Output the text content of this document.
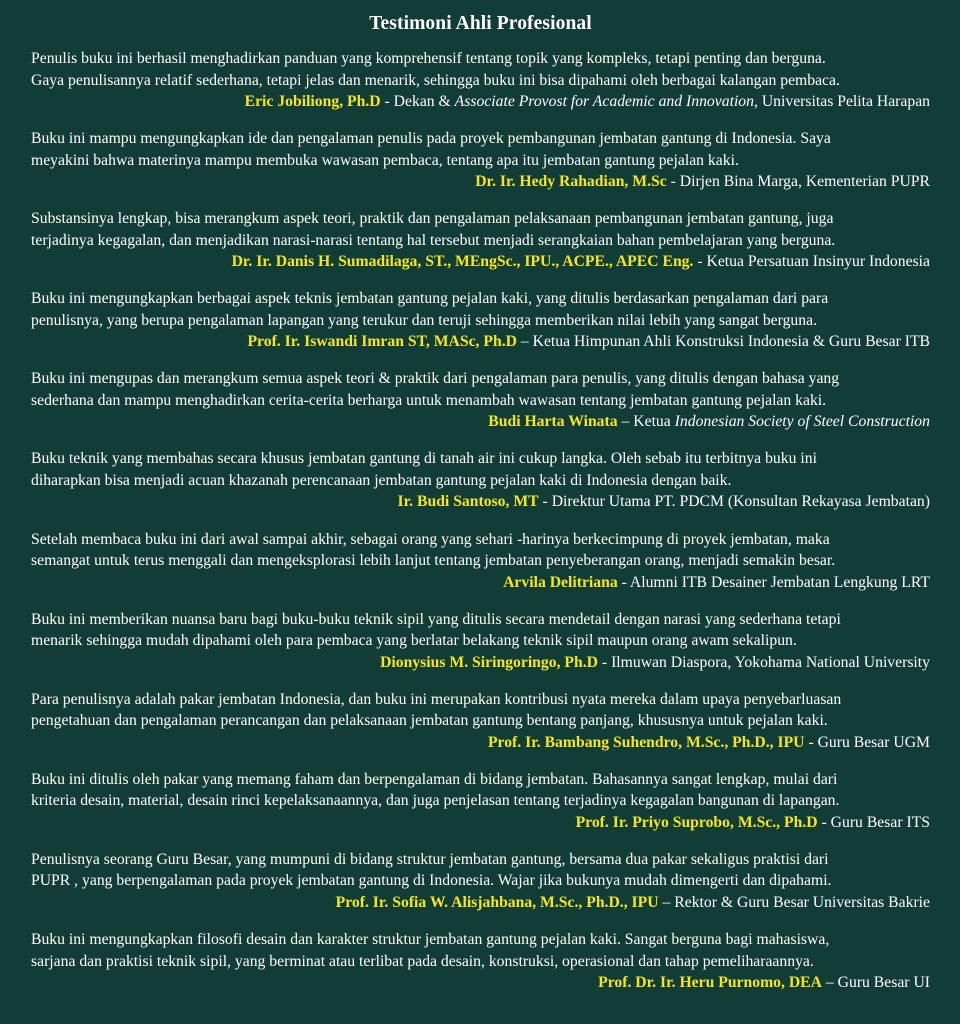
Testimoni Ahli Profesional

Penulis buku ini berhasil menghadirkan panduan yang komprehensif tentang topik yang kompleks, tetapi penting dan berguna.
Gaya penulisannya relatif sederhana, tetapi jelas dan menarik, sehingga buku ini bisa dipahami oleh berbagai kalangan pembaca.

Eric Jobiliong, Ph.D - Dekan & Associate Provost for Academic and Innovation, Universitas Pelita Harapan

Buku ini mampu mengungkapkan ide dan pengalaman penulis pada proyek pembangunan jembatan gantung di Indonesia. Saya
meyakini bahwa materinya mampu membuka wawasan pembaca, tentang apa itu jembatan gantung pejalan kaki.

Dr. Ir. Hedy Rahadian, M.Sc - Dirjen Bina Marga, Kementerian PUPR

Substansinya lengkap, bisa merangkum aspek teori, praktik dan pengalaman pelaksanaan pembangunan jembatan gantung, juga
terjadinya kegagalan, dan menjadikan narasi-narasi tentang hal tersebut menjadi serangkaian bahan pembelajaran yang berguna.

Dr. Ir. Danis H. Sumadilaga, ST., MEngSc., IPU., ACPE., APEC Eng. - Ketua Persatuan Insinyur Indonesia

Buku ini mengungkapkan berbagai aspek teknis jembatan gantung pejalan kaki, yang ditulis berdasarkan pengalaman dari para
penulisnya, yang berupa pengalaman lapangan yang terukur dan teruji sehingga memberikan nilai lebih yang sangat berguna.

Prof. Ir. Iswandi Imran ST, MASc, Ph.D – Ketua Himpunan Ahli Konstruksi Indonesia & Guru Besar ITB

Buku ini mengupas dan merangkum semua aspek teori & praktik dari pengalaman para penulis, yang ditulis dengan bahasa yang
sederhana dan mampu menghadirkan cerita-cerita berharga untuk menambah wawasan tentang jembatan gantung pejalan kaki.

Budi Harta Winata – Ketua Indonesian Society of Steel Construction

Buku teknik yang membahas secara khusus jembatan gantung di tanah air ini cukup langka. Oleh sebab itu terbitnya buku ini
diharapkan bisa menjadi acuan khazanah perencanaan jembatan gantung pejalan kaki di Indonesia dengan baik.

Ir. Budi Santoso, MT - Direktur Utama PT. PDCM (Konsultan Rekayasa Jembatan)

Setelah membaca buku ini dari awal sampai akhir, sebagai orang yang sehari -harinya berkecimpung di proyek jembatan, maka
semangat untuk terus menggali dan mengeksplorasi lebih lanjut tentang jembatan penyeberangan orang, menjadi semakin besar.

Arvila Delitriana - Alumni ITB Desainer Jembatan Lengkung LRT

Buku ini memberikan nuansa baru bagi buku-buku teknik sipil yang ditulis secara mendetail dengan narasi yang sederhana tetapi
menarik sehingga mudah dipahami oleh para pembaca yang berlatar belakang teknik sipil maupun orang awam sekalipun.

Dionysius M. Siringoringo, Ph.D - Ilmuwan Diaspora, Yokohama National University

Para penulisnya adalah pakar jembatan Indonesia, dan buku ini merupakan kontribusi nyata mereka dalam upaya penyebarluasan
pengetahuan dan pengalaman perancangan dan pelaksanaan jembatan gantung bentang panjang, khususnya untuk pejalan kaki.

Prof. Ir. Bambang Suhendro, M.Sc., Ph.D., IPU - Guru Besar UGM

Buku ini ditulis oleh pakar yang memang faham dan berpengalaman di bidang jembatan. Bahasannya sangat lengkap, mulai dari
kriteria desain, material, desain rinci kepelaksanaannya, dan juga penjelasan tentang terjadinya kegagalan bangunan di lapangan.

Prof. Ir. Priyo Suprobo, M.Sc., Ph.D - Guru Besar ITS

Penulisnya seorang Guru Besar, yang mumpuni di bidang struktur jembatan gantung, bersama dua pakar sekaligus praktisi dari
PUPR , yang berpengalaman pada proyek jembatan gantung di Indonesia. Wajar jika bukunya mudah dimengerti dan dipahami.

Prof. Ir. Sofia W. Alisjahbana, M.Sc., Ph.D., IPU – Rektor & Guru Besar Universitas Bakrie

Buku ini mengungkapkan filosofi desain dan karakter struktur jembatan gantung pejalan kaki. Sangat berguna bagi mahasiswa,
sarjana dan praktisi teknik sipil, yang berminat atau terlibat pada desain, konstruksi, operasional dan tahap pemeliharaannya.

Prof. Dr. Ir. Heru Purnomo, DEA – Guru Besar UI
